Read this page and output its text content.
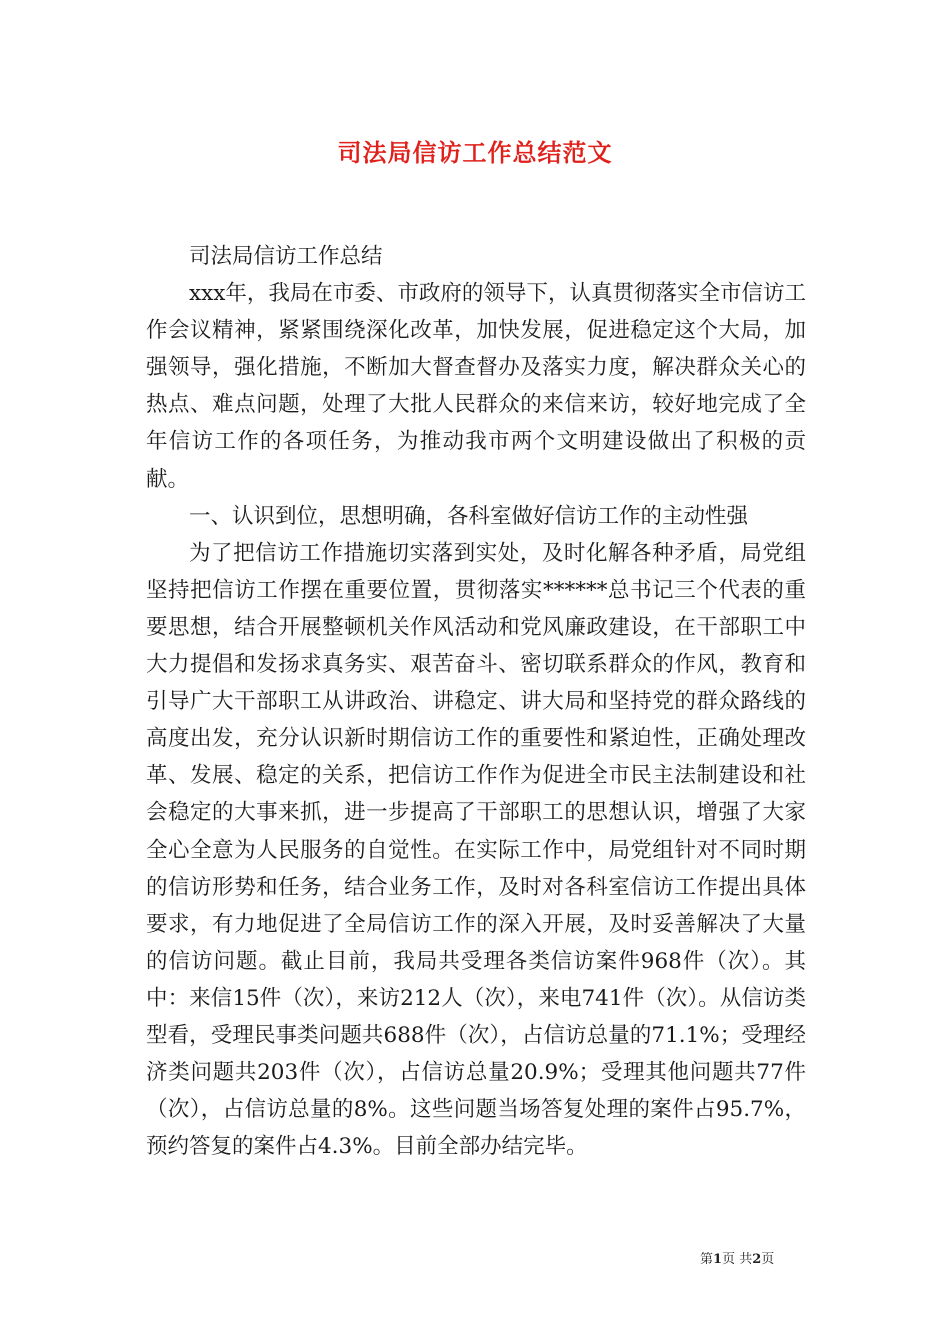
司法局信访工作总结范文

司法局信访工作总结

xxx年，我局在市委、市政府的领导下，认真贯彻落实全市信访工作会议精神，紧紧围绕深化改革，加快发展，促进稳定这个大局，加强领导，强化措施，不断加大督查督办及落实力度，解决群众关心的热点、难点问题，处理了大批人民群众的来信来访，较好地完成了全年信访工作的各项任务，为推动我市两个文明建设做出了积极的贡献。

一、认识到位，思想明确，各科室做好信访工作的主动性强

为了把信访工作措施切实落到实处，及时化解各种矛盾，局党组坚持把信访工作摆在重要位置，贯彻落实******总书记三个代表的重要思想，结合开展整顿机关作风活动和党风廉政建设，在干部职工中大力提倡和发扬求真务实、艰苦奋斗、密切联系群众的作风，教育和引导广大干部职工从讲政治、讲稳定、讲大局和坚持党的群众路线的高度出发，充分认识新时期信访工作的重要性和紧迫性，正确处理改革、发展、稳定的关系，把信访工作作为促进全市民主法制建设和社会稳定的大事来抓，进一步提高了干部职工的思想认识，增强了大家全心全意为人民服务的自觉性。在实际工作中，局党组针对不同时期的信访形势和任务，结合业务工作，及时对各科室信访工作提出具体要求，有力地促进了全局信访工作的深入开展，及时妥善解决了大量的信访问题。截止目前，我局共受理各类信访案件968件（次）。其中：来信15件（次），来访212人（次），来电741件（次）。从信访类型看，受理民事类问题共688件（次），占信访总量的71.1%；受理经济类问题共203件（次），占信访总量20.9%；受理其他问题共77件（次），占信访总量的8%。这些问题当场答复处理的案件占95.7%，预约答复的案件占4.3%。目前全部办结完毕。

第1页 共2页
